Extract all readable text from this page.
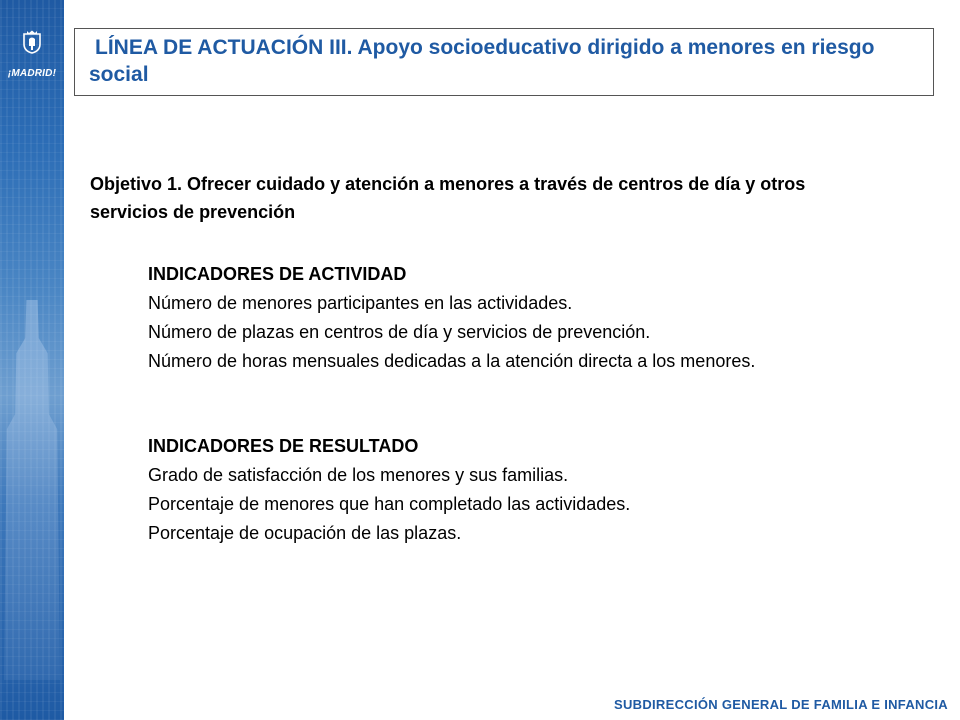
¡MADRID!
LÍNEA DE ACTUACIÓN III. Apoyo socioeducativo dirigido a menores en riesgo social
Objetivo 1. Ofrecer cuidado y atención a menores a través de centros de día y otros servicios de prevención
INDICADORES DE ACTIVIDAD
Número de menores participantes en las actividades.
Número de plazas en centros de día y servicios de prevención.
Número de horas mensuales dedicadas a la atención directa a los menores.
INDICADORES DE RESULTADO
Grado de satisfacción de los menores y sus familias.
Porcentaje de menores que han completado las actividades.
Porcentaje de ocupación de las plazas.
SUBDIRECCIÓN GENERAL DE FAMILIA E INFANCIA
